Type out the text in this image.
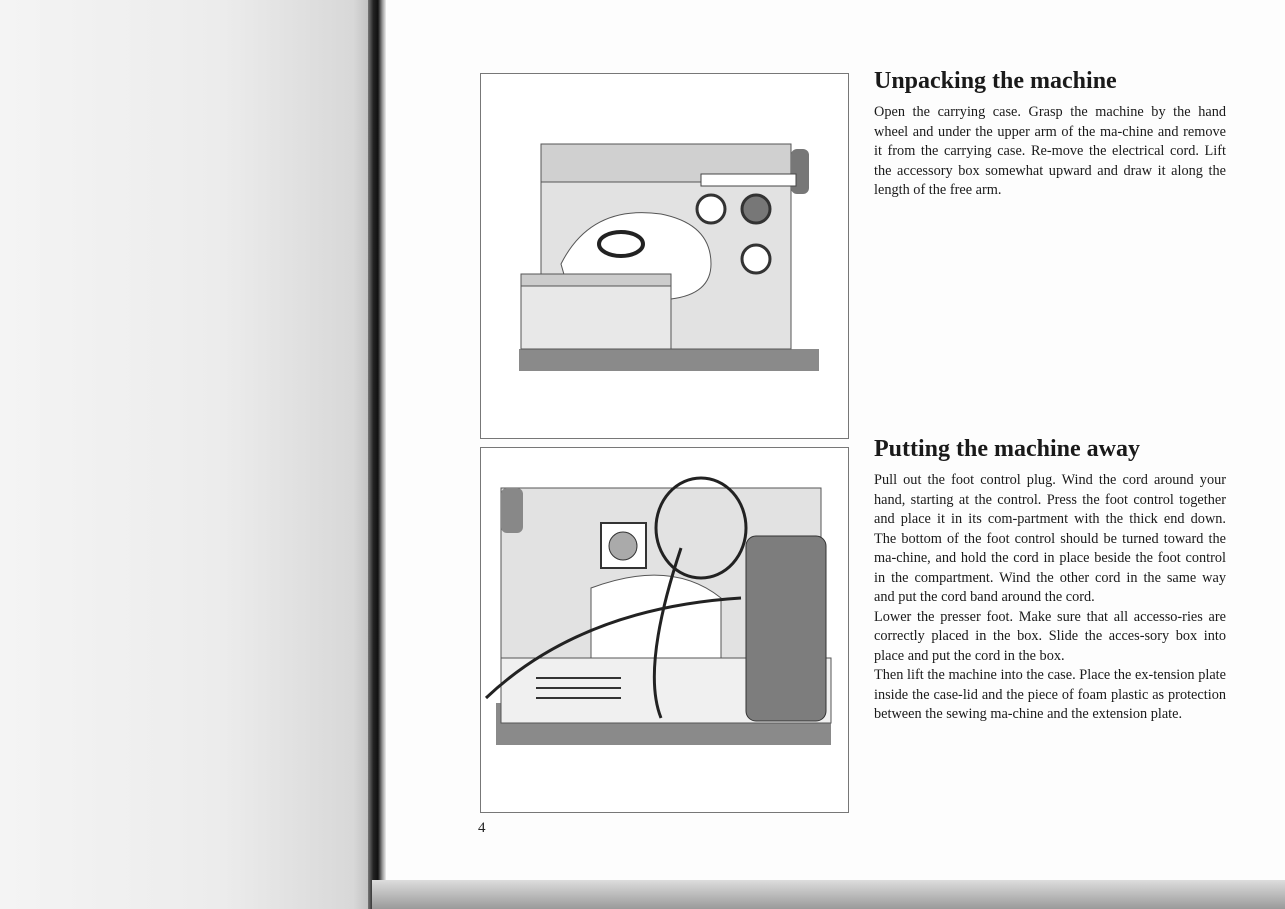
4
Unpacking the machine

Open the carrying case. Grasp the machine by the hand wheel and under the upper arm of the ma-chine and remove it from the carrying case. Re-move the electrical cord. Lift the accessory box somewhat upward and draw it along the length of the free arm.

Putting the machine away

Pull out the foot control plug. Wind the cord around your hand, starting at the control. Press the foot control together and place it in its com-partment with the thick end down. The bottom of the foot control should be turned toward the ma-chine, and hold the cord in place beside the foot control in the compartment. Wind the other cord in the same way and put the cord band around the cord.

Lower the presser foot. Make sure that all accesso-ries are correctly placed in the box. Slide the acces-sory box into place and put the cord in the box.

Then lift the machine into the case. Place the ex-tension plate inside the case-lid and the piece of foam plastic as protection between the sewing ma-chine and the extension plate.
